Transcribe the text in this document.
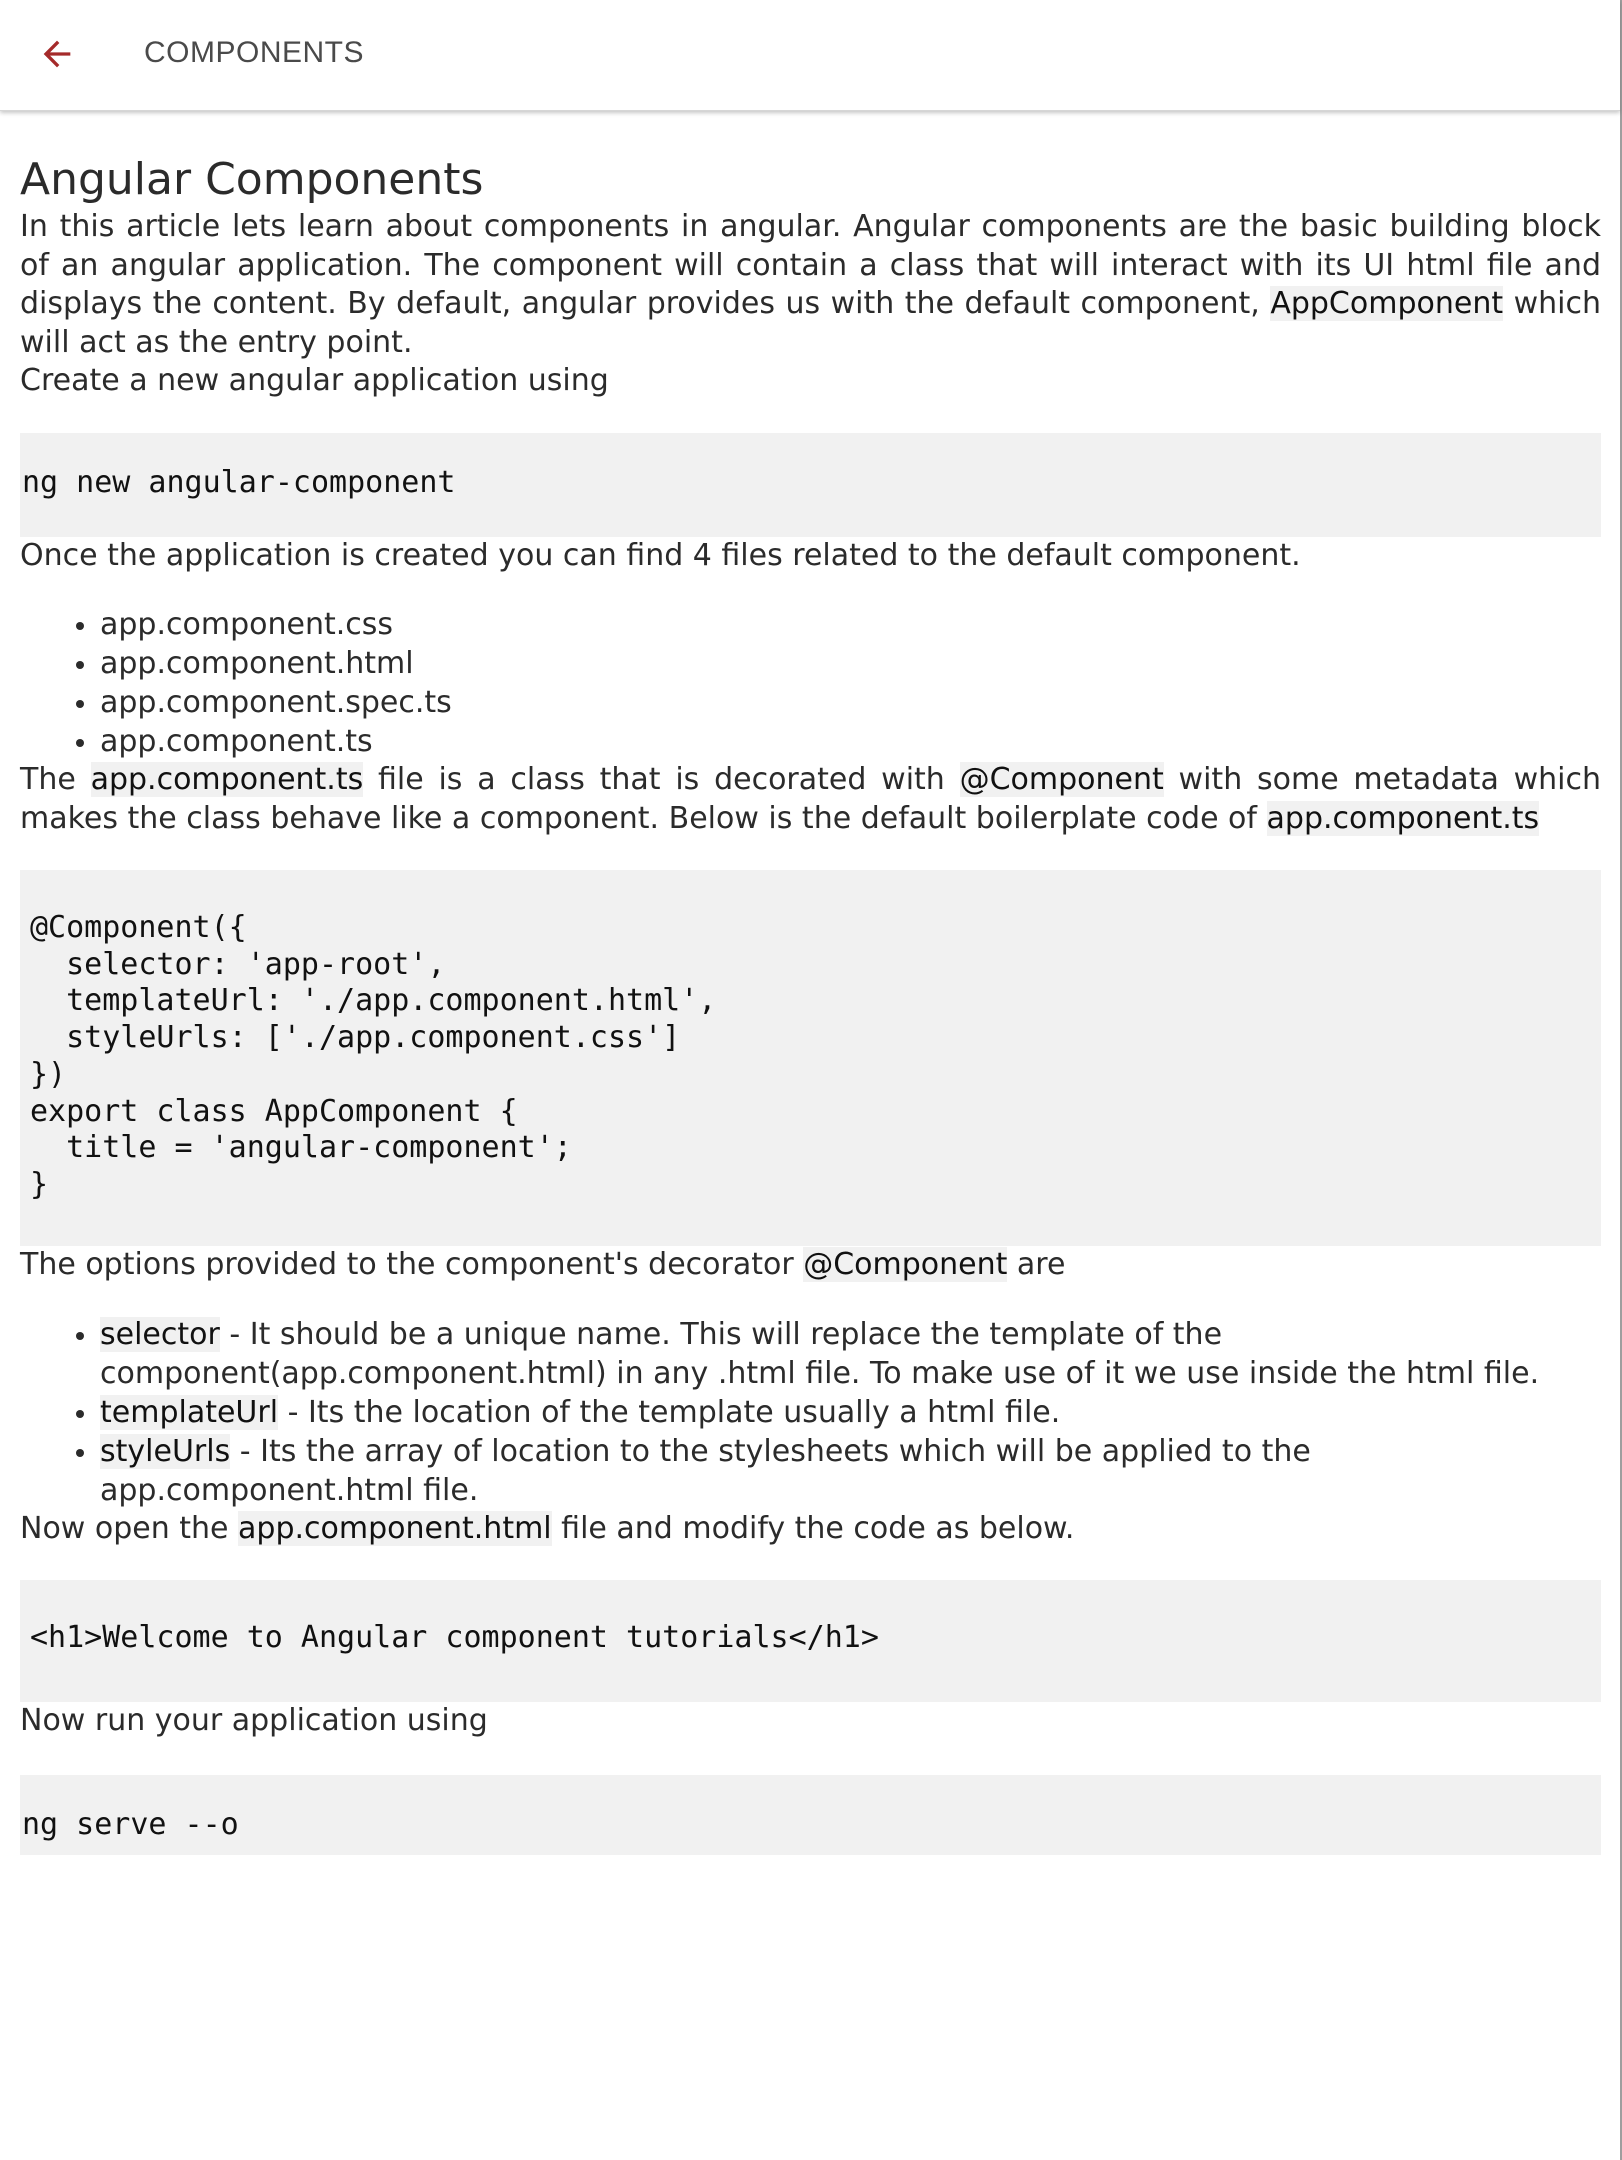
COMPONENTS
Angular Components

In this article lets learn about components in angular. Angular components are the basic building block of an angular application. The component will contain a class that will interact with its UI html file and displays the content. By default, angular provides us with the default component, AppComponent which will act as the entry point.

Create a new angular application using

ng new angular-component

Once the application is created you can find 4 files related to the default component.

app.component.css
app.component.html
app.component.spec.ts
app.component.ts

The app.component.ts file is a class that is decorated with @Component with some metadata which makes the class behave like a component. Below is the default boilerplate code of app.component.ts

@Component({
selector: 'app-root',
templateUrl: './app.component.html',
styleUrls: ['./app.component.css']
})
export class AppComponent {
title = 'angular-component';
}

The options provided to the component's decorator @Component are

selector - It should be a unique name. This will replace the template of the component(app.component.html) in any .html file. To make use of it we use inside the html file.
templateUrl - Its the location of the template usually a html file.
styleUrls - Its the array of location to the stylesheets which will be applied to the app.component.html file.

Now open the app.component.html file and modify the code as below.

<h1>Welcome to Angular component tutorials</h1>

Now run your application using

ng serve --o
